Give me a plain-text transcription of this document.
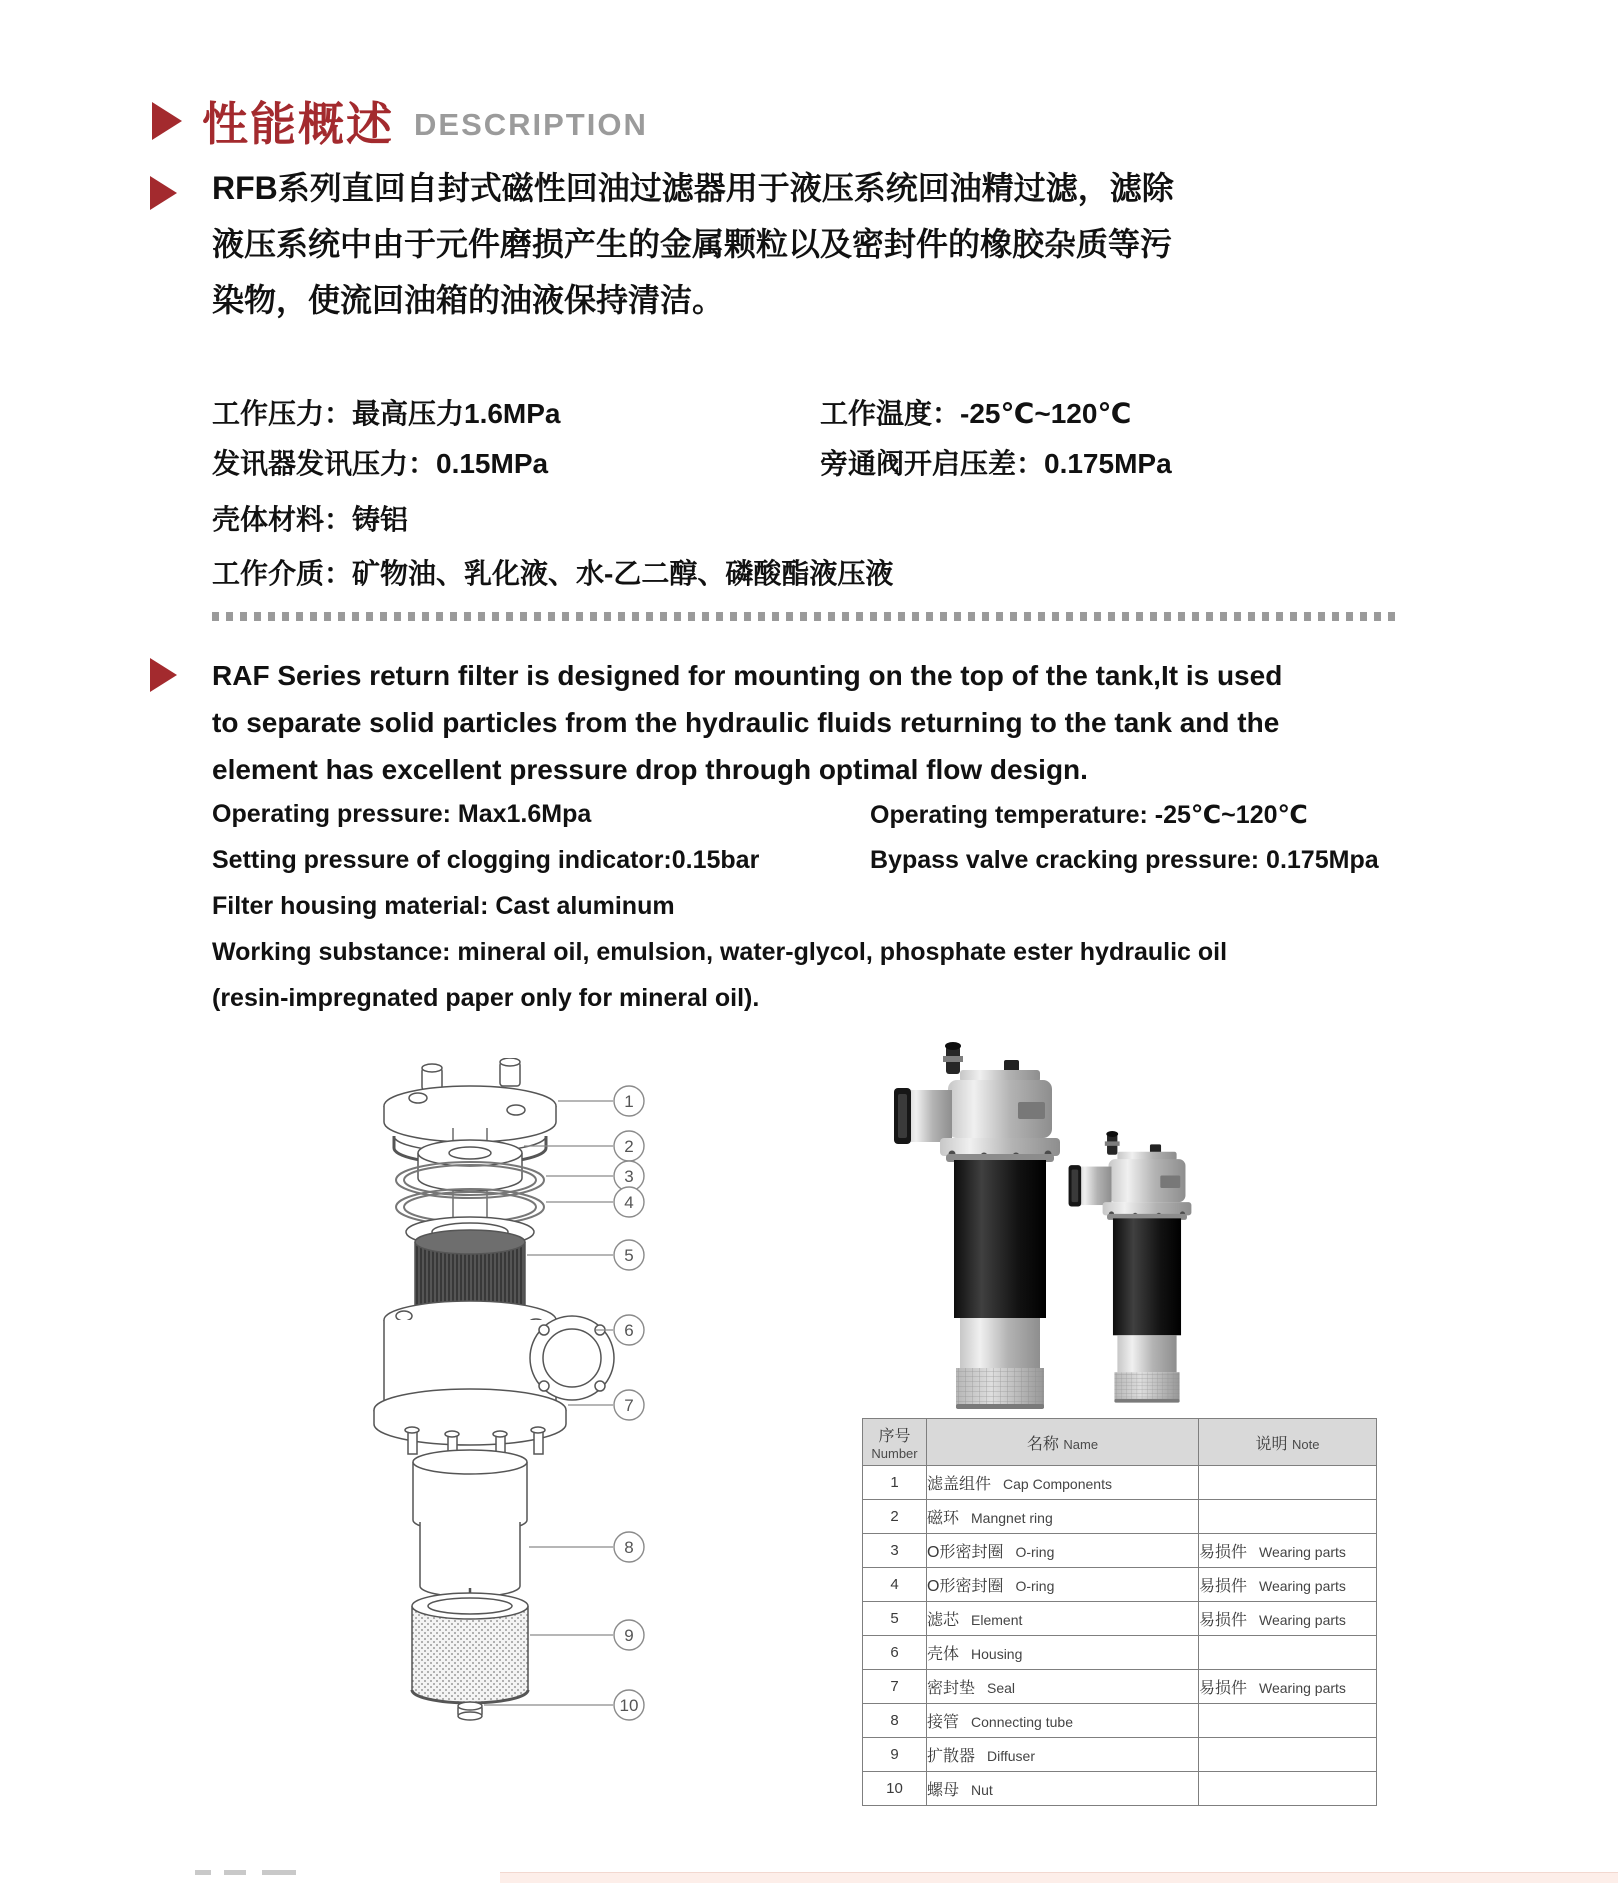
性能概述 DESCRIPTION
RFB系列直回自封式磁性回油过滤器用于液压系统回油精过滤，滤除
液压系统中由于元件磨损产生的金属颗粒以及密封件的橡胶杂质等污
染物，使流回油箱的油液保持清洁。
工作压力：最高压力1.6MPa	工作温度：-25℃~120℃
发讯器发讯压力：0.15MPa	旁通阀开启压差：0.175MPa
壳体材料：铸铝
工作介质：矿物油、乳化液、水-乙二醇、磷酸酯液压液
RAF Series return filter is designed for mounting on the top of the tank,It is used
to separate solid particles from the hydraulic fluids returning to the tank and the
element has excellent pressure drop through optimal flow design.
Operating pressure: Max1.6Mpa	Operating temperature: -25℃~120℃
Setting pressure of clogging indicator:0.15bar	Bypass valve cracking pressure: 0.175Mpa
Filter housing material: Cast aluminum
Working substance: mineral oil, emulsion, water-glycol, phosphate ester hydraulic oil
(resin-impregnated paper only for mineral oil).
1
2
3
4
5
6
7
8
9
10
序号
Number	名称 Name	说明 Note
1	滤盖组件 Cap Components	
2	磁环 Mangnet ring	
3	O形密封圈 O-ring	易损件 Wearing parts
4	O形密封圈 O-ring	易损件 Wearing parts
5	滤芯 Element	易损件 Wearing parts
6	壳体 Housing	
7	密封垫 Seal	易损件 Wearing parts
8	接管 Connecting tube	
9	扩散器 Diffuser	
10	螺母 Nut	
